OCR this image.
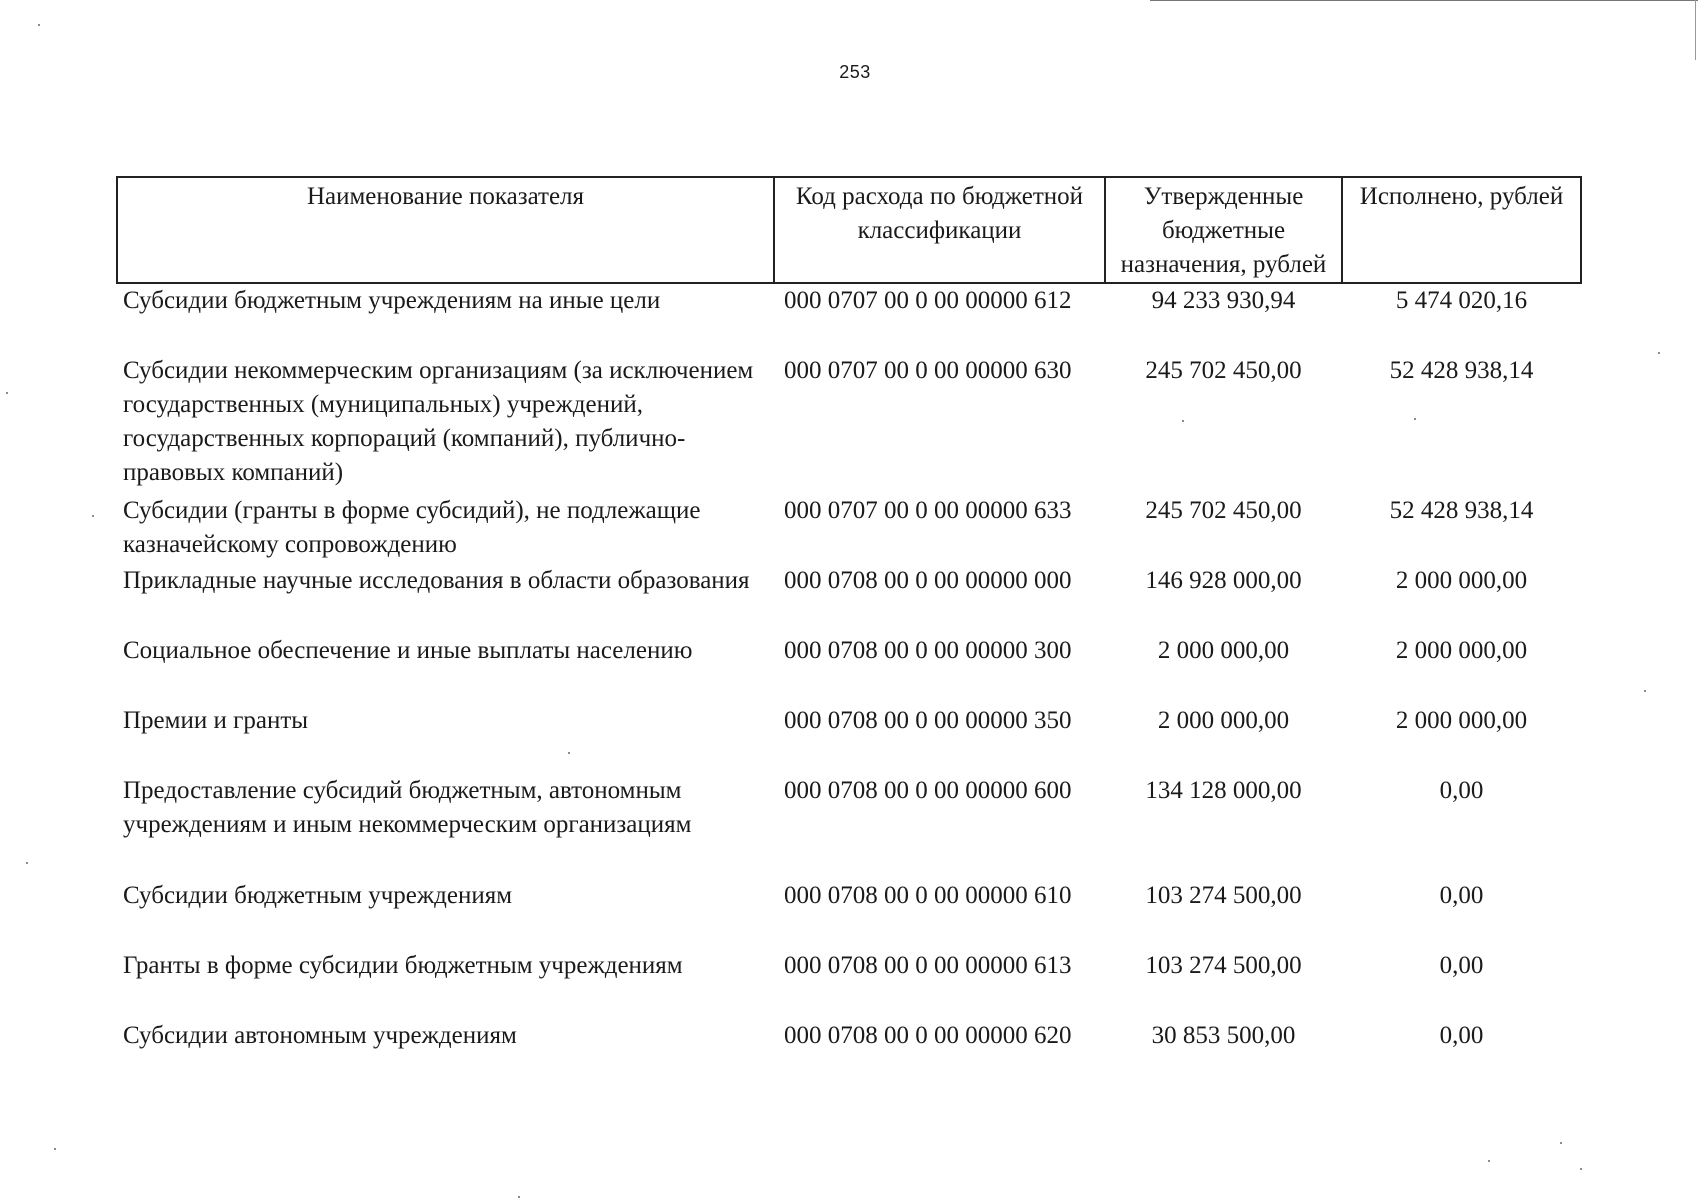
253
Наименование показателя	Код расхода по бюджетной классификации	Утвержденные бюджетные назначения, рублей	Исполнено, рублей
Субсидии бюджетным учреждениям на иные цели	000 0707 00 0 00 00000 612	94 233 930,94	5 474 020,16
Субсидии некоммерческим организациям (за исключением государственных (муниципальных) учреждений, государственных корпораций (компаний), публично-правовых компаний)	000 0707 00 0 00 00000 630	245 702 450,00	52 428 938,14
Субсидии (гранты в форме субсидий), не подлежащие казначейскому сопровождению	000 0707 00 0 00 00000 633	245 702 450,00	52 428 938,14
Прикладные научные исследования в области образования	000 0708 00 0 00 00000 000	146 928 000,00	2 000 000,00
Социальное обеспечение и иные выплаты населению	000 0708 00 0 00 00000 300	2 000 000,00	2 000 000,00
Премии и гранты	000 0708 00 0 00 00000 350	2 000 000,00	2 000 000,00
Предоставление субсидий бюджетным, автономным учреждениям и иным некоммерческим организациям	000 0708 00 0 00 00000 600	134 128 000,00	0,00
Субсидии бюджетным учреждениям	000 0708 00 0 00 00000 610	103 274 500,00	0,00
Гранты в форме субсидии бюджетным учреждениям	000 0708 00 0 00 00000 613	103 274 500,00	0,00
Субсидии автономным учреждениям	000 0708 00 0 00 00000 620	30 853 500,00	0,00
